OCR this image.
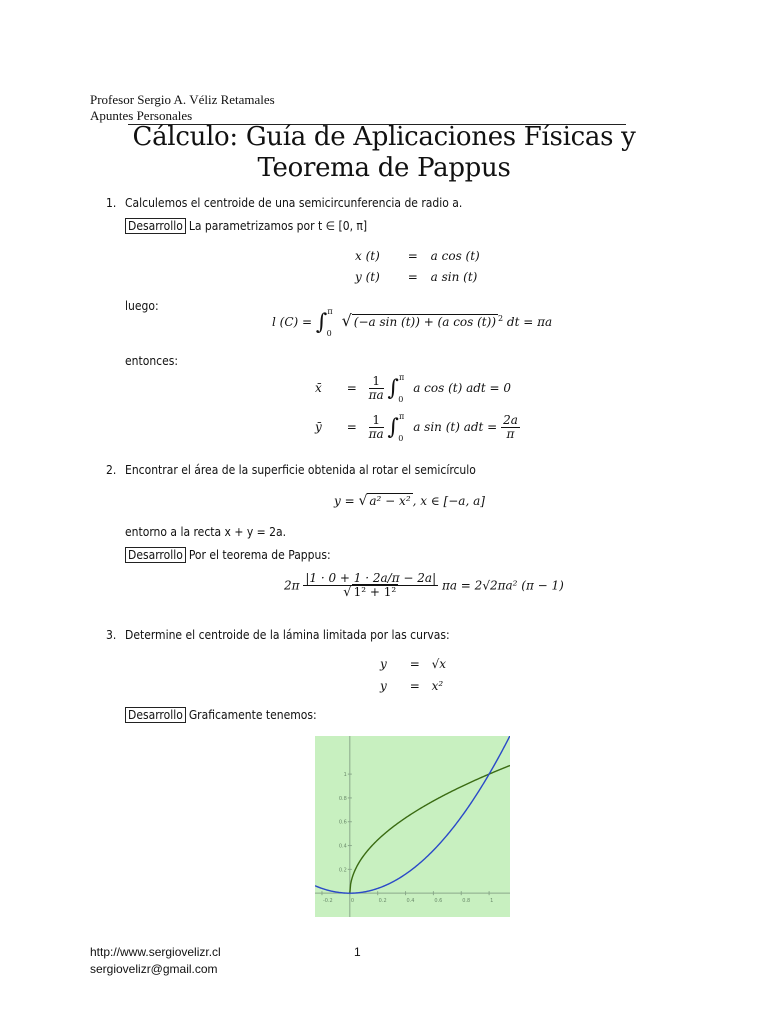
Profesor Sergio A. Véliz Retamales
Apuntes Personales
Cálculo: Guía de Aplicaciones Físicas y
Teorema de Pappus
1. Calculemos el centroide de una semicircunferencia de radio a.
Desarrollo La parametrizamos por t ∈ [0, π]
x (t) = a cos (t)
y (t) = a sin (t)
luego:
l (C) = ∫$^\pi_0$ √ (−a sin (t)) + (a cos (t)) $^2$ dt = πa
entonces:
x̄ = $\frac{1}{\pi a} \int^\pi_0$ a cos (t) adt = 0
ȳ = $\frac{1}{\pi a} \int^\pi_0$ a sin (t) adt = $\frac{2a}{\pi}$
2. Encontrar el área de la superficie obtenida al rotar el semicírculo
y = √ a² − x² , x ∈ [−a, a]
entorno a la recta x + y = 2a.
Desarrollo Por el teorema de Pappus:
$2\pi \frac{|1 \cdot 0 + 1 \cdot 2a/\pi - 2a|}{\text{√ 1² + 1²}}$ πa = 2√2πa² (π − 1)
3. Determine el centroide de la lámina limitada por las curvas:
y = √x
y = x²
Desarrollo Graficamente tenemos:
-0.2	0	0.2	0.4	0.6	0.8	1
0.2
0.4
0.6
0.8
1
http://www.sergiovelizr.cl	1
sergiovelizr@gmail.com
